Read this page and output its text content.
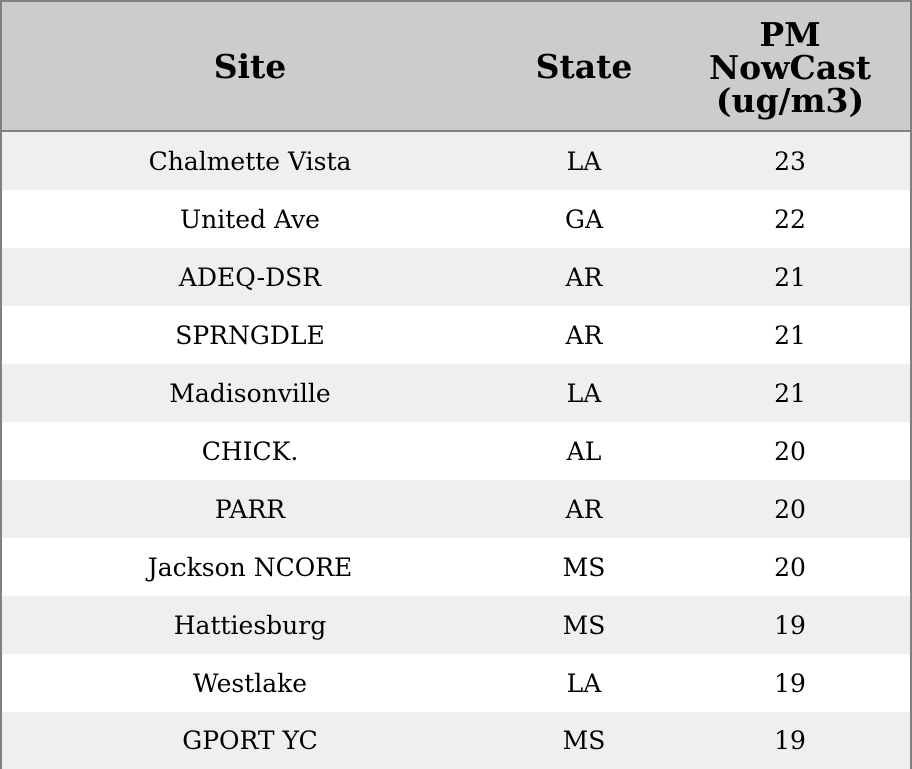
Site	State	PM
NowCast
(ug/m3)
Chalmette Vista	LA	23
United Ave	GA	22
ADEQ-DSR	AR	21
SPRNGDLE	AR	21
Madisonville	LA	21
CHICK.	AL	20
PARR	AR	20
Jackson NCORE	MS	20
Hattiesburg	MS	19
Westlake	LA	19
GPORT YC	MS	19
